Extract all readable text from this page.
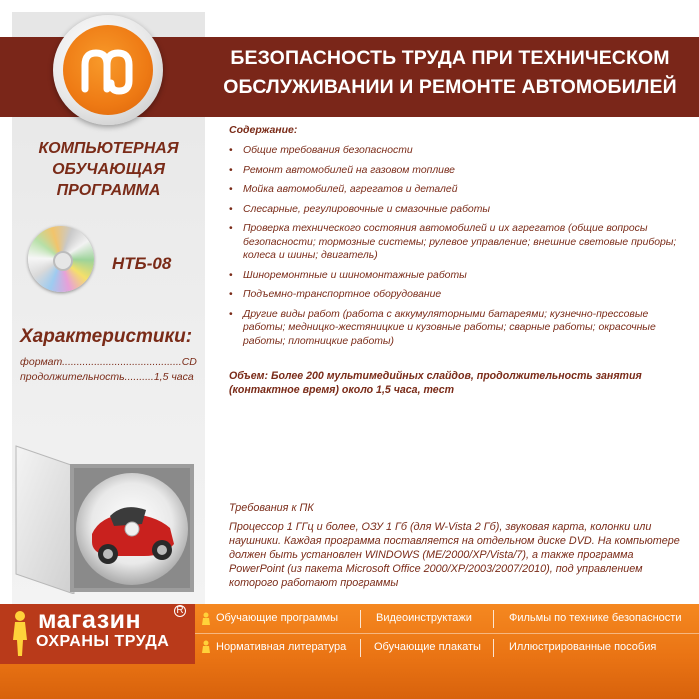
БЕЗОПАСНОСТЬ ТРУДА ПРИ ТЕХНИЧЕСКОМ
ОБСЛУЖИВАНИИ И РЕМОНТЕ АВТОМОБИЛЕЙ
КОМПЬЮТЕРНАЯ
ОБУЧАЮЩАЯ
ПРОГРАММА
НТБ-08
Характеристики:
формат.........................................CD
продолжительность..........1,5 часа
Содержание:
• Общие требования безопасности
• Ремонт автомобилей на газовом топливе
• Мойка автомобилей, агрегатов и деталей
• Слесарные, регулировочные и смазочные работы
• Проверка технического состояния автомобилей и их агрегатов (общие вопросы безопасности; тормозные системы; рулевое управление; внешние световые приборы; колеса и шины; двигатель)
• Шиноремонтные и шиномонтажные работы
• Подъемно-транспортное оборудование
• Другие виды работ (работа с аккумуляторными батареями; кузнечно-прессовые работы; медницко-жестяницкие и кузовные работы; сварные работы; окрасочные работы; плотницкие работы)
Объем: Более 200 мультимедийных слайдов, продолжительность занятия (контактное время) около 1,5 часа, тест
Требования к ПК
Процессор 1 ГГц и более, ОЗУ 1 Гб (для W-Vista 2 Гб), звуковая карта, колонки или наушники. Каждая программа поставляется на отдельном диске DVD. На компьютере должен быть установлен WINDOWS (ME/2000/XP/Vista/7), а также программа PowerPoint (из пакета Microsoft Office 2000/XP/2003/2007/2010), под управлением которого работают программы
магазин	R
ОХРАНЫ ТРУДА
Обучающие программы	Видеоинструктажи	Фильмы по технике безопасности
Нормативная литература	Обучающие плакаты	Иллюстрированные пособия
